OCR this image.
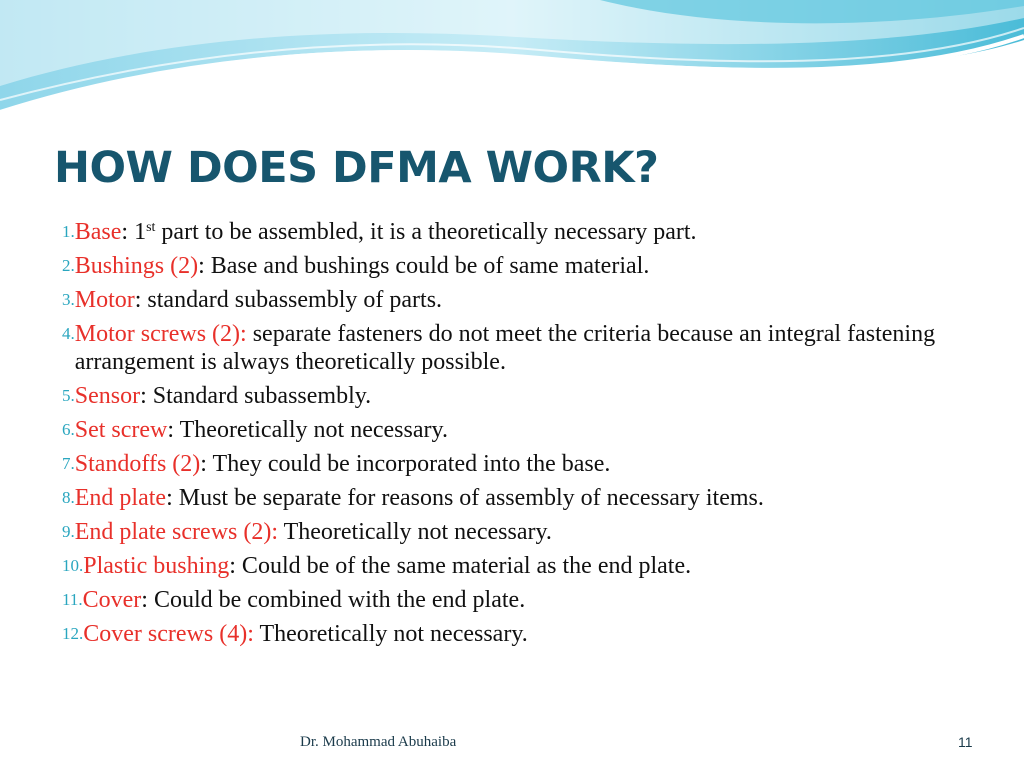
HOW DOES DFMA WORK?
1. Base: 1st part to be assembled, it is a theoretically necessary part.
2. Bushings (2): Base and bushings could be of same material.
3. Motor: standard subassembly of parts.
4. Motor screws (2): separate fasteners do not meet the criteria because an integral fastening arrangement is always theoretically possible.
5. Sensor: Standard subassembly.
6. Set screw: Theoretically not necessary.
7. Standoffs (2): They could be incorporated into the base.
8. End plate: Must be separate for reasons of assembly of necessary items.
9. End plate screws (2): Theoretically not necessary.
10. Plastic bushing: Could be of the same material as the end plate.
11. Cover: Could be combined with the end plate.
12. Cover screws (4): Theoretically not necessary.
Dr. Mohammad Abuhaiba	11
